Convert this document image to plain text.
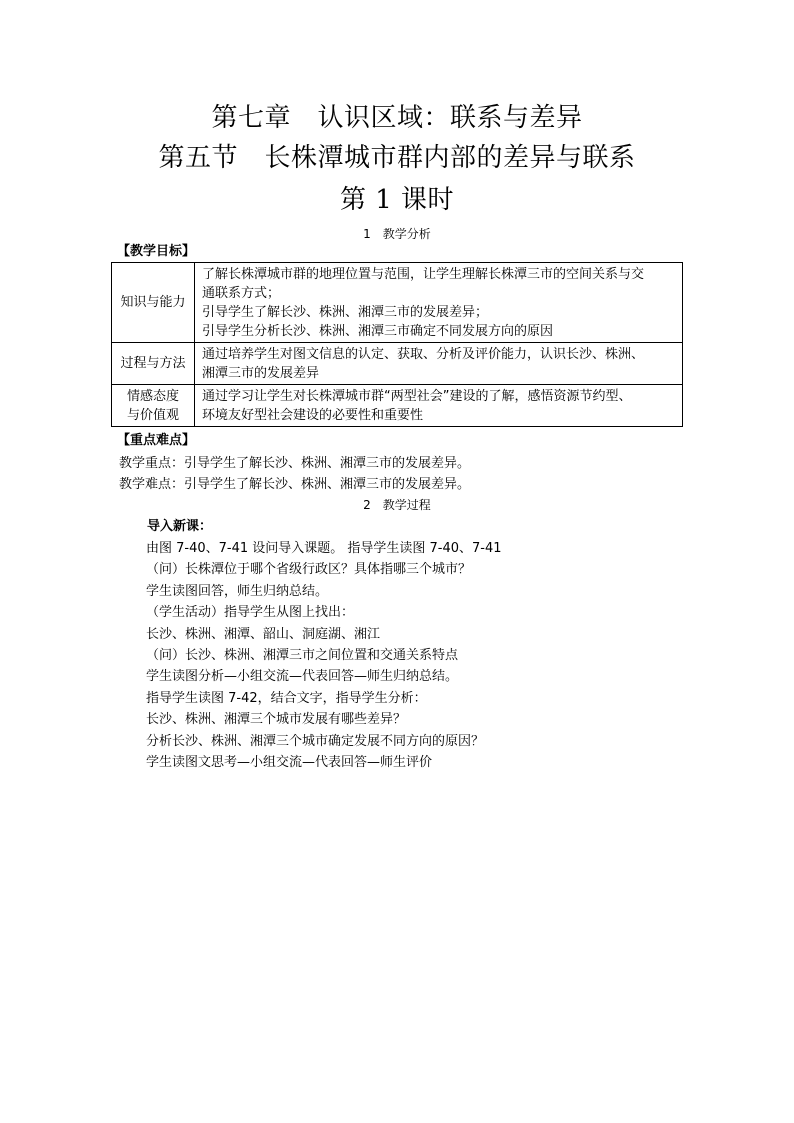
第七章　认识区域：联系与差异
第五节　长株潭城市群内部的差异与联系
第 1 课时
1　教学分析
【教学目标】
知识与能力	了解长株潭城市群的地理位置与范围，让学生理解长株潭三市的空间关系与交
通联系方式；
引导学生了解长沙、株洲、湘潭三市的发展差异；
引导学生分析长沙、株洲、湘潭三市确定不同发展方向的原因

过程与方法	通过培养学生对图文信息的认定、获取、分析及评价能力，认识长沙、株洲、
湘潭三市的发展差异

情感态度
与价值观	通过学习让学生对长株潭城市群“两型社会”建设的了解，感悟资源节约型、
环境友好型社会建设的必要性和重要性
【重点难点】
教学重点：引导学生了解长沙、株洲、湘潭三市的发展差异。
教学难点：引导学生了解长沙、株洲、湘潭三市的发展差异。
2　教学过程
导入新课：
由图 7-40、7-41 设问导入课题。 指导学生读图 7-40、7-41
（问）长株潭位于哪个省级行政区？具体指哪三个城市？
学生读图回答，师生归纳总结。
（学生活动）指导学生从图上找出：
长沙、株洲、湘潭、韶山、洞庭湖、湘江
（问）长沙、株洲、湘潭三市之间位置和交通关系特点
学生读图分析—小组交流—代表回答—师生归纳总结。
指导学生读图 7-42，结合文字，指导学生分析：
长沙、株洲、湘潭三个城市发展有哪些差异？
分析长沙、株洲、湘潭三个城市确定发展不同方向的原因？
学生读图文思考—小组交流—代表回答—师生评价
